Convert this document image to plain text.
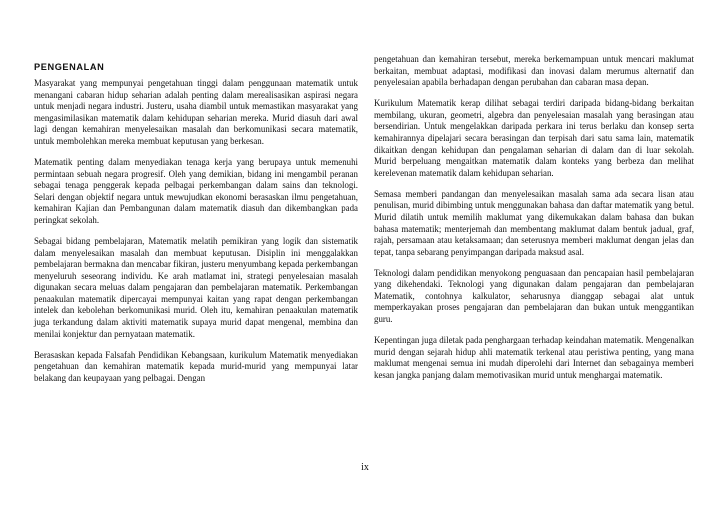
PENGENALAN

Masyarakat yang mempunyai pengetahuan tinggi dalam penggunaan matematik untuk menangani cabaran hidup seharian adalah penting dalam merealisasikan aspirasi negara untuk menjadi negara industri. Justeru, usaha diambil untuk memastikan masyarakat yang mengasimilasikan matematik dalam kehidupan seharian mereka. Murid diasuh dari awal lagi dengan kemahiran menyelesaikan masalah dan berkomunikasi secara matematik, untuk membolehkan mereka membuat keputusan yang berkesan.

Matematik penting dalam menyediakan tenaga kerja yang berupaya untuk memenuhi permintaan sebuah negara progresif. Oleh yang demikian, bidang ini mengambil peranan sebagai tenaga penggerak kepada pelbagai perkembangan dalam sains dan teknologi. Selari dengan objektif negara untuk mewujudkan ekonomi berasaskan ilmu pengetahuan, kemahiran Kajian dan Pembangunan dalam matematik diasuh dan dikembangkan pada peringkat sekolah.

Sebagai bidang pembelajaran, Matematik melatih pemikiran yang logik dan sistematik dalam menyelesaikan masalah dan membuat keputusan. Disiplin ini menggalakkan pembelajaran bermakna dan mencabar fikiran, justeru menyumbang kepada perkembangan menyeluruh seseorang individu. Ke arah matlamat ini, strategi penyelesaian masalah digunakan secara meluas dalam pengajaran dan pembelajaran matematik. Perkembangan penaakulan matematik dipercayai mempunyai kaitan yang rapat dengan perkembangan intelek dan kebolehan berkomunikasi murid. Oleh itu, kemahiran penaakulan matematik juga terkandung dalam aktiviti matematik supaya murid dapat mengenal, membina dan menilai konjektur dan pernyataan matematik.

Berasaskan kepada Falsafah Pendidikan Kebangsaan, kurikulum Matematik menyediakan pengetahuan dan kemahiran matematik kepada murid-murid yang mempunyai latar belakang dan keupayaan yang pelbagai. Dengan

pengetahuan dan kemahiran tersebut, mereka berkemampuan untuk mencari maklumat berkaitan, membuat adaptasi, modifikasi dan inovasi dalam merumus alternatif dan penyelesaian apabila berhadapan dengan perubahan dan cabaran masa depan.

Kurikulum Matematik kerap dilihat sebagai terdiri daripada bidang-bidang berkaitan membilang, ukuran, geometri, algebra dan penyelesaian masalah yang berasingan atau bersendirian. Untuk mengelakkan daripada perkara ini terus berlaku dan konsep serta kemahirannya dipelajari secara berasingan dan terpisah dari satu sama lain, matematik dikaitkan dengan kehidupan dan pengalaman seharian di dalam dan di luar sekolah. Murid berpeluang mengaitkan matematik dalam konteks yang berbeza dan melihat kerelevenan matematik dalam kehidupan seharian.

Semasa memberi pandangan dan menyelesaikan masalah sama ada secara lisan atau penulisan, murid dibimbing untuk menggunakan bahasa dan daftar matematik yang betul. Murid dilatih untuk memilih maklumat yang dikemukakan dalam bahasa dan bukan bahasa matematik; menterjemah dan membentang maklumat dalam bentuk jadual, graf, rajah, persamaan atau ketaksamaan; dan seterusnya memberi maklumat dengan jelas dan tepat, tanpa sebarang penyimpangan daripada maksud asal.

Teknologi dalam pendidikan menyokong penguasaan dan pencapaian hasil pembelajaran yang dikehendaki. Teknologi yang digunakan dalam pengajaran dan pembelajaran Matematik, contohnya kalkulator, seharusnya dianggap sebagai alat untuk memperkayakan proses pengajaran dan pembelajaran dan bukan untuk menggantikan guru.

Kepentingan juga diletak pada penghargaan terhadap keindahan matematik. Mengenalkan murid dengan sejarah hidup ahli matematik terkenal atau peristiwa penting, yang mana maklumat mengenai semua ini mudah diperolehi dari Internet dan sebagainya memberi kesan jangka panjang dalam memotivasikan murid untuk menghargai matematik.

ix
